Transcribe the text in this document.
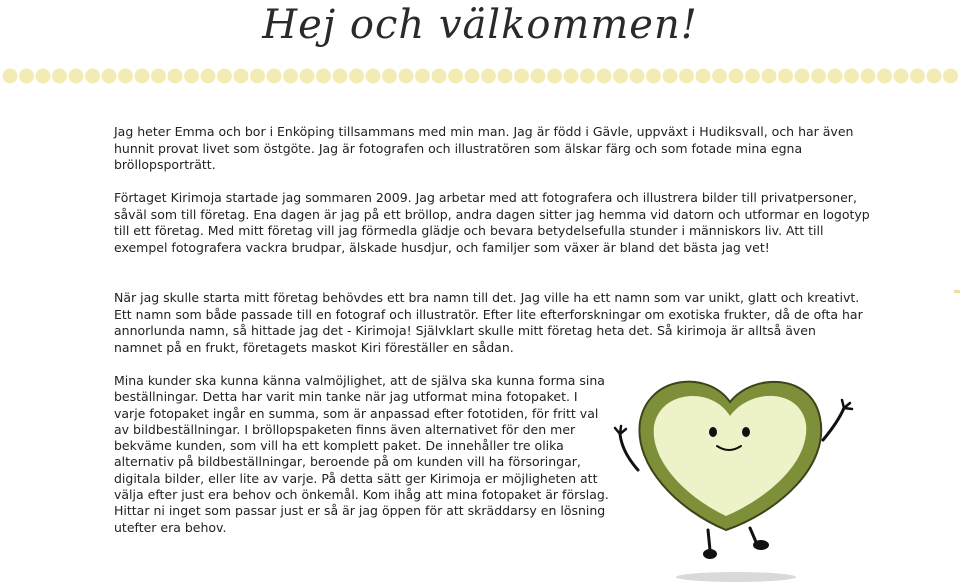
Hej och välkommen!

Jag heter Emma och bor i Enköping tillsammans med min man. Jag är född i Gävle, uppväxt i Hudiksvall, och har även hunnit provat livet som östgöte. Jag är fotografen och illustratören som älskar färg och som fotade mina egna bröllopsporträtt.

Förtaget Kirimoja startade jag sommaren 2009. Jag arbetar med att fotografera och illustrera bilder till privatpersoner, såväl som till företag. Ena dagen är jag på ett bröllop, andra dagen sitter jag hemma vid datorn och utformar en logotyp till ett företag. Med mitt företag vill jag förmedla glädje och bevara betydelsefulla stunder i människors liv. Att till exempel fotografera vackra brudpar, älskade husdjur, och familjer som växer är bland det bästa jag vet!

När jag skulle starta mitt företag behövdes ett bra namn till det. Jag ville ha ett namn som var unikt, glatt och kreativt. Ett namn som både passade till en fotograf och illustratör. Efter lite efterforskningar om exotiska frukter, då de ofta har annorlunda namn, så hittade jag det - Kirimoja! Självklart skulle mitt företag heta det. Så kirimoja är alltså även namnet på en frukt, företagets maskot Kiri föreställer en sådan.

Mina kunder ska kunna känna valmöjlighet, att de själva ska kunna forma sina beställningar. Detta har varit min tanke när jag utformat mina fotopaket. I varje fotopaket ingår en summa, som är anpassad efter fototiden, för fritt val av bildbeställningar. I bröllopspaketen finns även alternativet för den mer bekväme kunden, som vill ha ett komplett paket. De innehåller tre olika alternativ på bildbeställningar, beroende på om kunden vill ha försoringar, digitala bilder, eller lite av varje. På detta sätt ger Kirimoja er möjligheten att välja efter just era behov och önkemål. Kom ihåg att mina fotopaket är förslag. Hittar ni inget som passar just er så är jag öppen för att skräddarsy en lösning utefter era behov.
